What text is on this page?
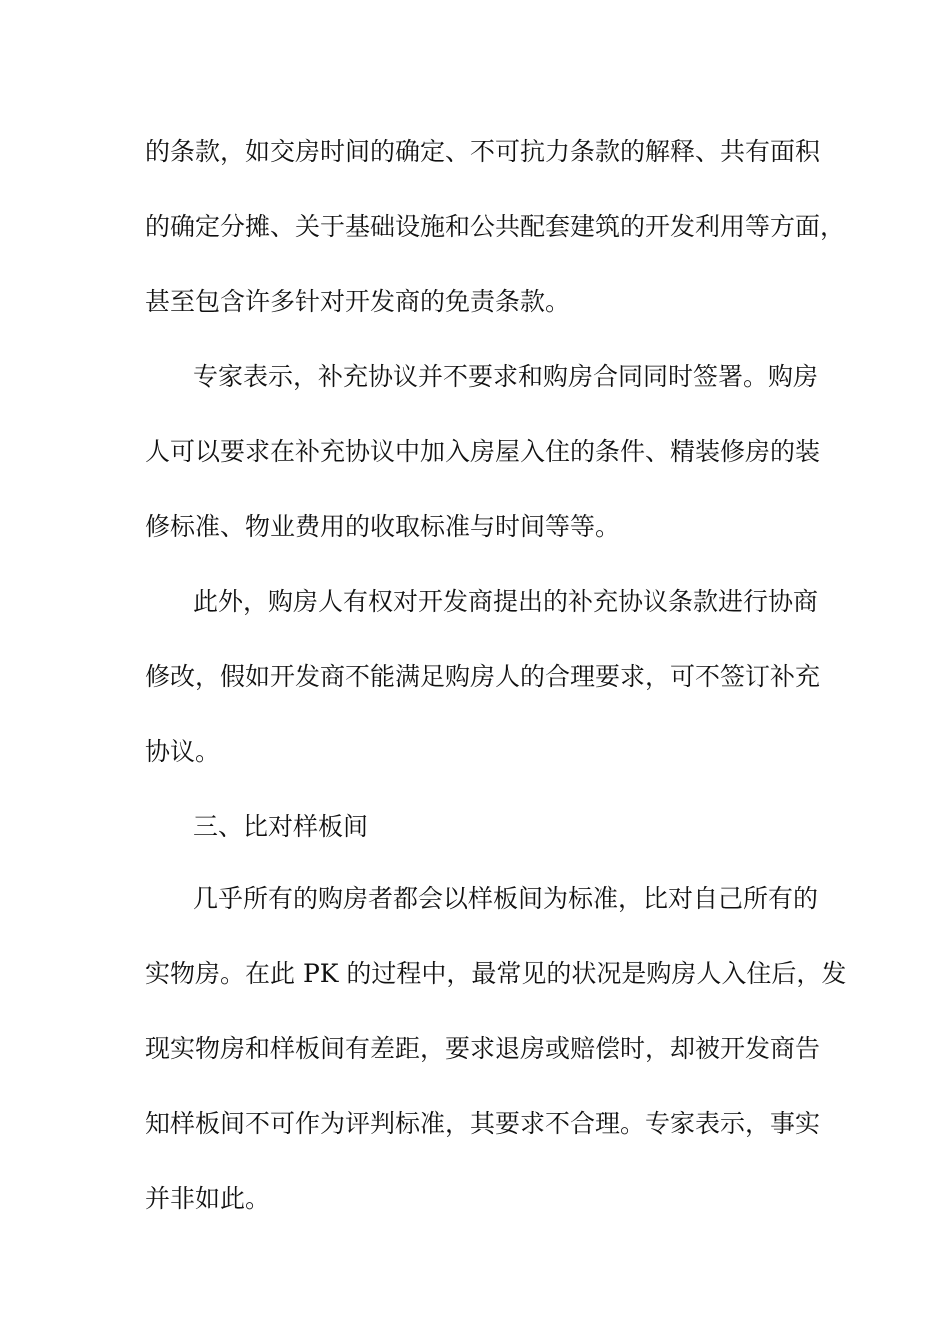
的条款，如交房时间的确定、不可抗力条款的解释、共有面积
的确定分摊、关于基础设施和公共配套建筑的开发利用等方面，
甚至包含许多针对开发商的免责条款。
专家表示，补充协议并不要求和购房合同同时签署。购房
人可以要求在补充协议中加入房屋入住的条件、精装修房的装
修标准、物业费用的收取标准与时间等等。
此外，购房人有权对开发商提出的补充协议条款进行协商
修改，假如开发商不能满足购房人的合理要求，可不签订补充
协议。
三、比对样板间
几乎所有的购房者都会以样板间为标准，比对自己所有的
实物房。在此 PK 的过程中，最常见的状况是购房人入住后，发
现实物房和样板间有差距，要求退房或赔偿时，却被开发商告
知样板间不可作为评判标准，其要求不合理。专家表示，事实
并非如此。
